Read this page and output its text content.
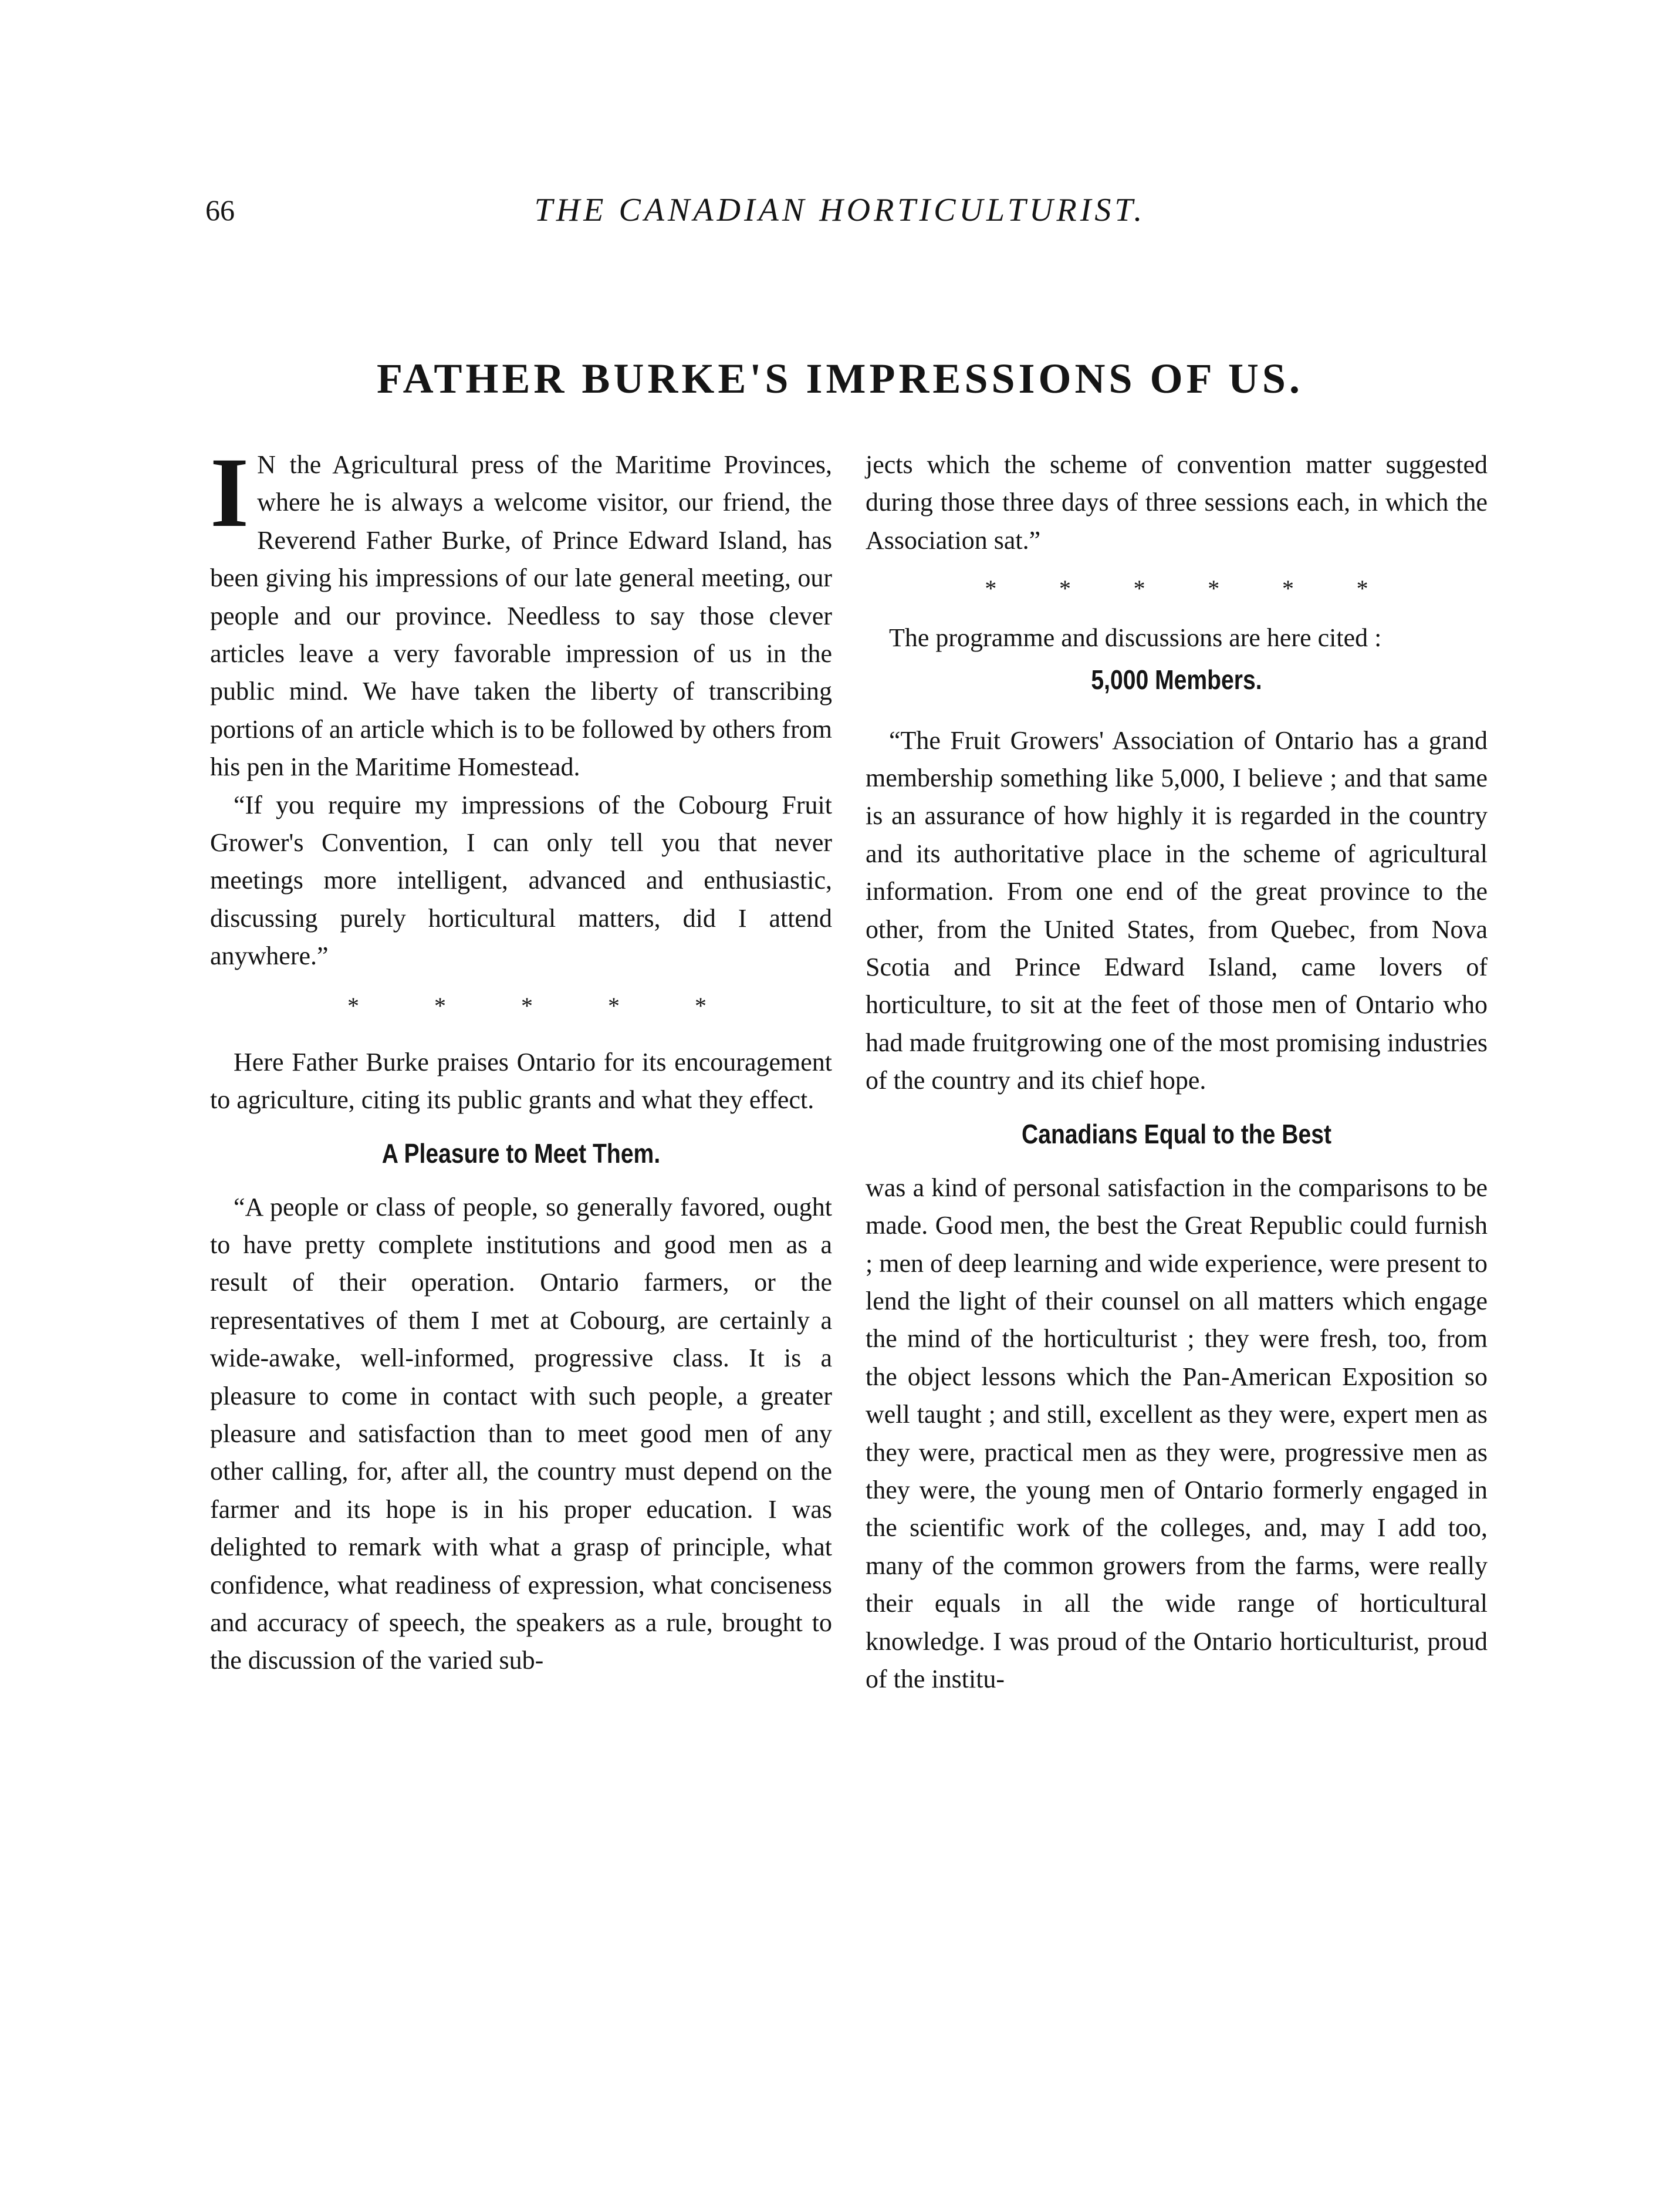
THE CANADIAN HORTICULTURIST.
66
FATHER BURKE'S IMPRESSIONS OF US.

I N the Agricultural press of the Maritime Provinces, where he is always a welcome visitor, our friend, the Reverend Father Burke, of Prince Edward Island, has been giving his impressions of our late general meeting, our people and our province. Needless to say those clever articles leave a very favorable impression of us in the public mind. We have taken the liberty of transcribing portions of an article which is to be followed by others from his pen in the Maritime Homestead.

“If you require my impressions of the Cobourg Fruit Grower's Convention, I can only tell you that never meetings more intelligent, advanced and enthusiastic, discussing purely horticultural matters, did I attend anywhere.”

*	*	*	*	*

Here Father Burke praises Ontario for its encouragement to agriculture, citing its public grants and what they effect.

A Pleasure to Meet Them.

“A people or class of people, so generally favored, ought to have pretty complete institutions and good men as a result of their operation. Ontario farmers, or the representatives of them I met at Cobourg, are certainly a wide-awake, well-informed, progressive class. It is a pleasure to come in contact with such people, a greater pleasure and satisfaction than to meet good men of any other calling, for, after all, the country must depend on the farmer and its hope is in his proper education. I was delighted to remark with what a grasp of principle, what confidence, what readiness of expression, what conciseness and accuracy of speech, the speakers as a rule, brought to the discussion of the varied sub-

jects which the scheme of convention matter suggested during those three days of three sessions each, in which the Association sat.”

*	*	*	*	*	*

The programme and discussions are here cited :

5,000 Members.

“The Fruit Growers' Association of Ontario has a grand membership something like 5,000, I believe ; and that same is an assurance of how highly it is regarded in the country and its authoritative place in the scheme of agricultural information. From one end of the great province to the other, from the United States, from Quebec, from Nova Scotia and Prince Edward Island, came lovers of horticulture, to sit at the feet of those men of Ontario who had made fruitgrowing one of the most promising industries of the country and its chief hope.

Canadians Equal to the Best

was a kind of personal satisfaction in the comparisons to be made. Good men, the best the Great Republic could furnish ; men of deep learning and wide experience, were present to lend the light of their counsel on all matters which engage the mind of the horticulturist ; they were fresh, too, from the object lessons which the Pan-American Exposition so well taught ; and still, excellent as they were, expert men as they were, practical men as they were, progressive men as they were, the young men of Ontario formerly engaged in the scientific work of the colleges, and, may I add too, many of the common growers from the farms, were really their equals in all the wide range of horticultural knowledge. I was proud of the Ontario horticulturist, proud of the institu-
